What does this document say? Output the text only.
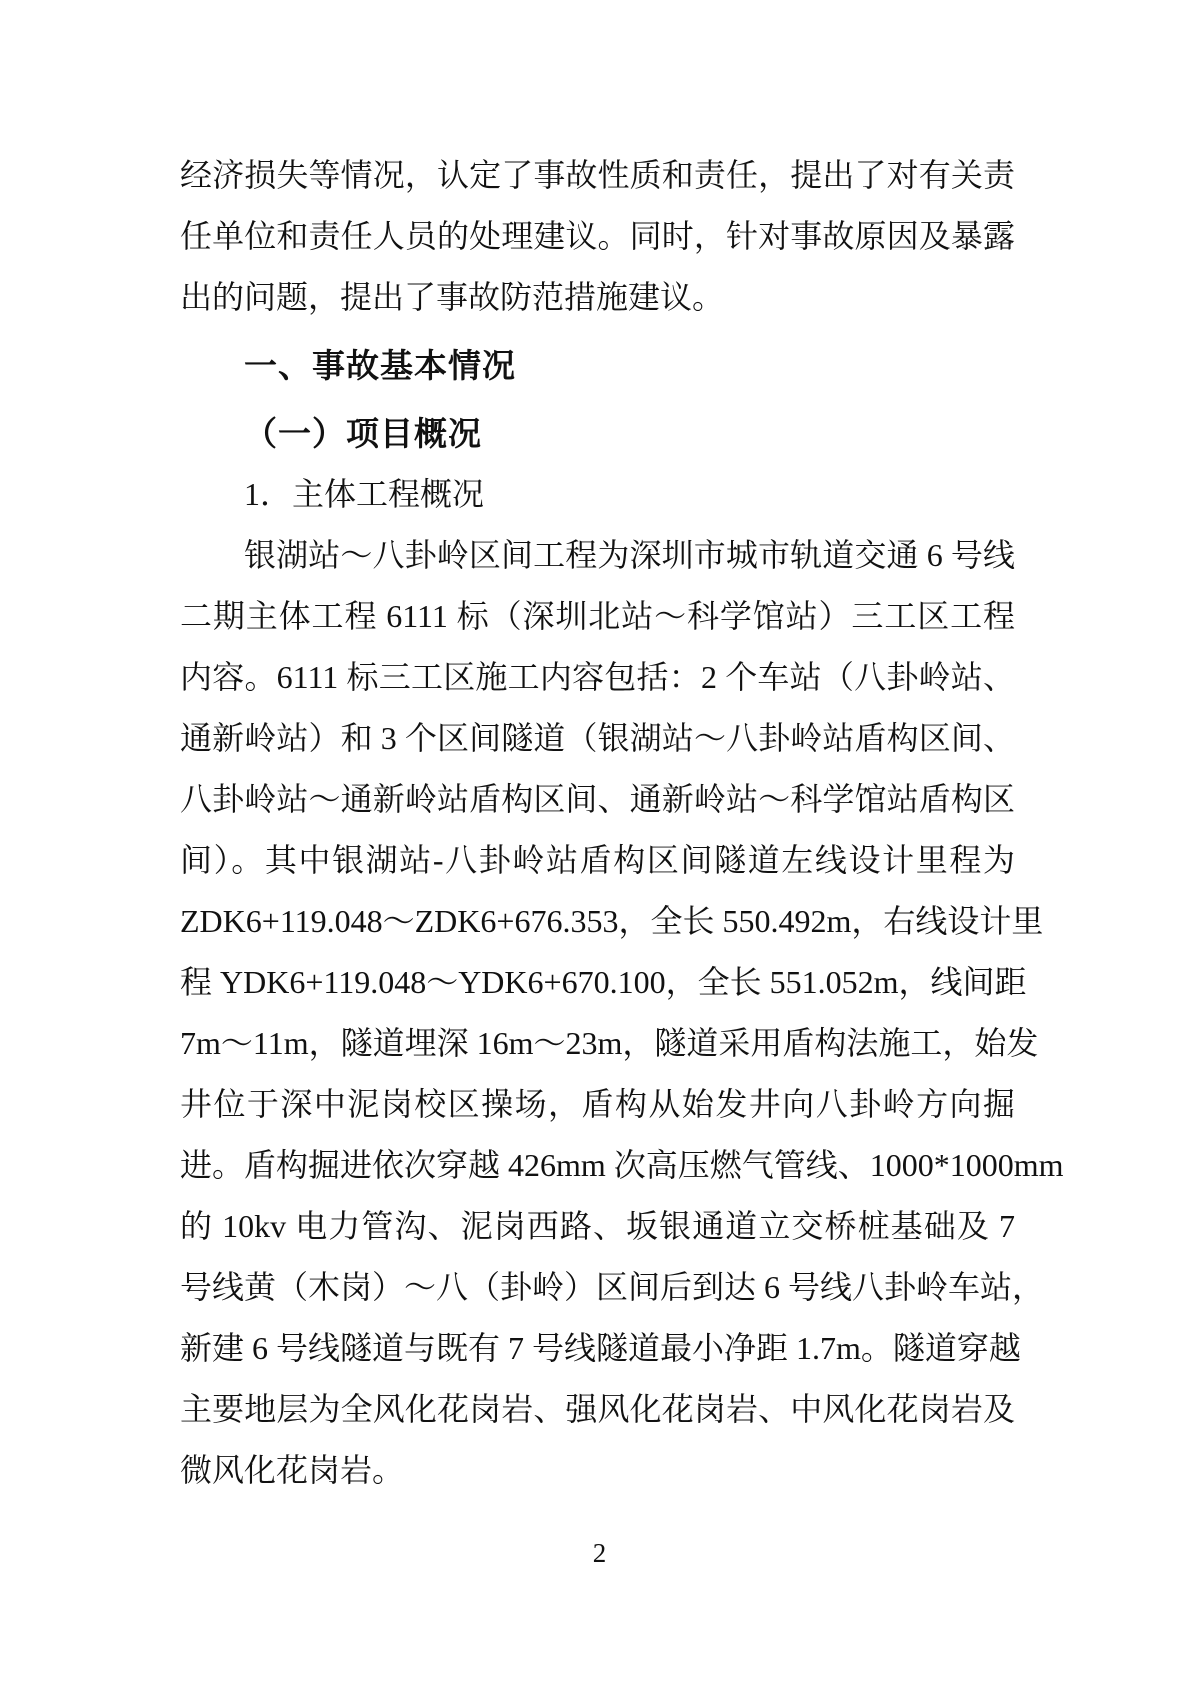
经济损失等情况，认定了事故性质和责任，提出了对有关责
任单位和责任人员的处理建议。同时，针对事故原因及暴露
出的问题，提出了事故防范措施建议。
一、事故基本情况
（一）项目概况
1．主体工程概况
银湖站～八卦岭区间工程为深圳市城市轨道交通 6 号线
二期主体工程 6111 标（深圳北站～科学馆站）三工区工程
内容。6111 标三工区施工内容包括：2 个车站（八卦岭站、
通新岭站）和 3 个区间隧道（银湖站～八卦岭站盾构区间、
八卦岭站～通新岭站盾构区间、通新岭站～科学馆站盾构区
间）。其中银湖站-八卦岭站盾构区间隧道左线设计里程为
ZDK6+119.048～ZDK6+676.353，全长 550.492m，右线设计里
程 YDK6+119.048～YDK6+670.100，全长 551.052m，线间距
7m～11m，隧道埋深 16m～23m，隧道采用盾构法施工，始发
井位于深中泥岗校区操场，盾构从始发井向八卦岭方向掘
进。盾构掘进依次穿越 426mm 次高压燃气管线、1000*1000mm
的 10kv 电力管沟、泥岗西路、坂银通道立交桥桩基础及 7
号线黄（木岗）～八（卦岭）区间后到达 6 号线八卦岭车站，
新建 6 号线隧道与既有 7 号线隧道最小净距 1.7m。隧道穿越
主要地层为全风化花岗岩、强风化花岗岩、中风化花岗岩及
微风化花岗岩。
2
